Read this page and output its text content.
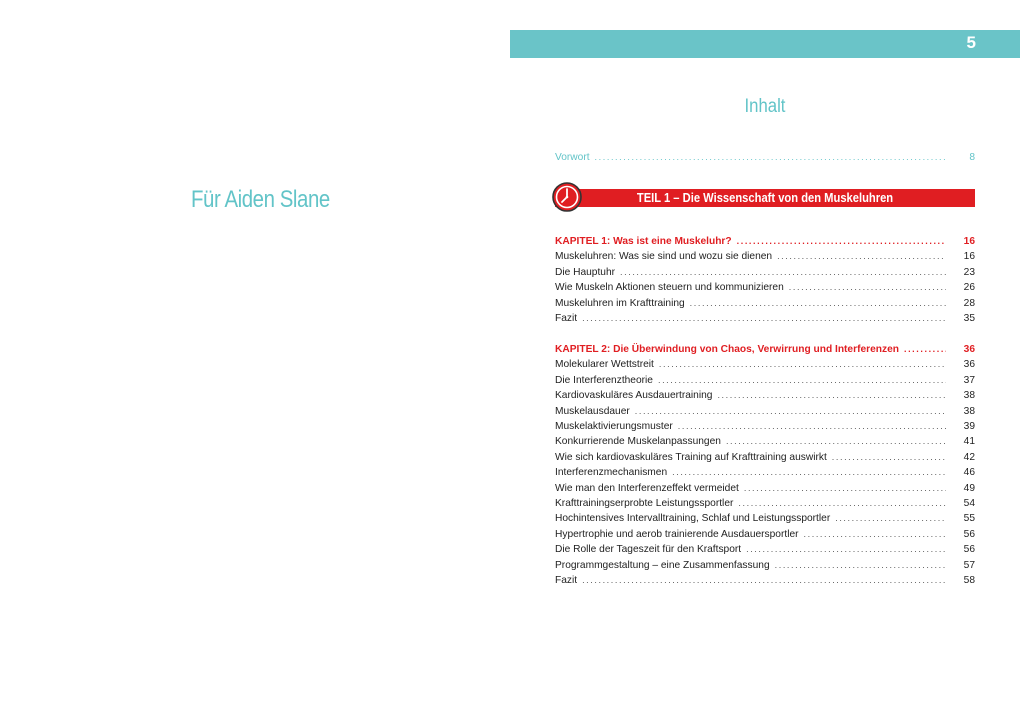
Für Aiden Slane
5
Inhalt
Vorwort .....	8
TEIL 1 – Die Wissenschaft von den Muskeluhren
KAPITEL 1: Was ist eine Muskeluhr? .....	16
Muskeluhren: Was sie sind und wozu sie dienen .....	16
Die Hauptuhr .....	23
Wie Muskeln Aktionen steuern und kommunizieren .....	26
Muskeluhren im Krafttraining .....	28
Fazit .....	35
KAPITEL 2: Die Überwindung von Chaos, Verwirrung und Interferenzen .....	36
Molekularer Wettstreit .....	36
Die Interferenztheorie .....	37
Kardiovaskuläres Ausdauertraining .....	38
Muskelausdauer .....	38
Muskelaktivierungsmuster .....	39
Konkurrierende Muskelanpassungen .....	41
Wie sich kardiovaskuläres Training auf Krafttraining auswirkt .....	42
Interferenzmechanismen .....	46
Wie man den Interferenzeffekt vermeidet .....	49
Krafttrainingserprobte Leistungssportler .....	54
Hochintensives Intervalltraining, Schlaf und Leistungssportler .....	55
Hypertrophie und aerob trainierende Ausdauersportler .....	56
Die Rolle der Tageszeit für den Kraftsport .....	56
Programmgestaltung – eine Zusammenfassung .....	57
Fazit .....	58
